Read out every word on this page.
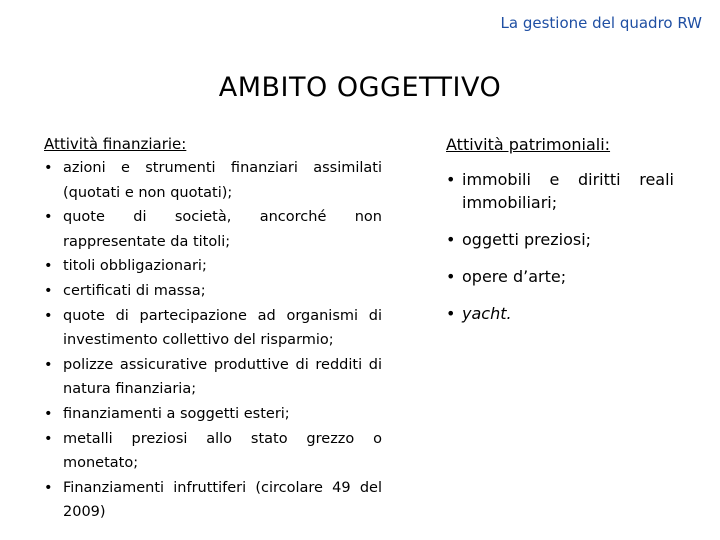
La gestione del quadro RW
AMBITO OGGETTIVO
Attività finanziarie:
• azioni e strumenti finanziari assimilati (quotati e non quotati);
• quote di società, ancorché non rappresentate da titoli;
• titoli obbligazionari;
• certificati di massa;
• quote di partecipazione ad organismi di investimento collettivo del risparmio;
• polizze assicurative produttive di redditi di natura finanziaria;
• finanziamenti a soggetti esteri;
• metalli preziosi allo stato grezzo o monetato;
• Finanziamenti infruttiferi (circolare 49 del 2009)
Attività patrimoniali:
• immobili e diritti reali immobiliari;
• oggetti preziosi;
• opere d’arte;
• yacht.
